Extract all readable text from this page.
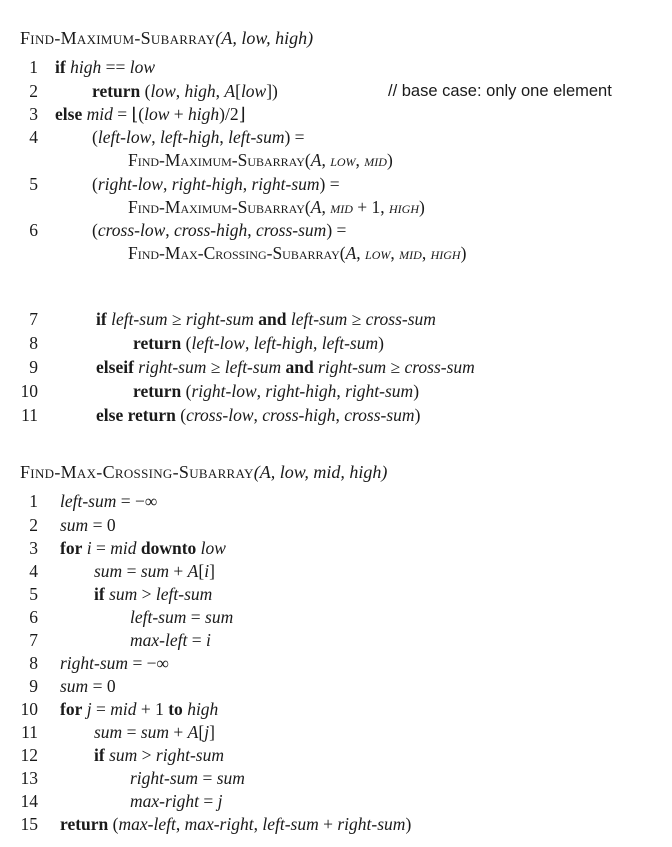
Find-Maximum-Subarray(A, low, high)
1
2
3
4
5
6
7
8
9
10
11
if high == low
return (low, high, A[low])	// base case: only one element
else mid = ⌊(low + high)/2⌋
(left-low, left-high, left-sum) =
Find-Maximum-Subarray(A, low, mid)
(right-low, right-high, right-sum) =
Find-Maximum-Subarray(A, mid + 1, high)
(cross-low, cross-high, cross-sum) =
Find-Max-Crossing-Subarray(A, low, mid, high)
if left-sum ≥ right-sum and left-sum ≥ cross-sum
return (left-low, left-high, left-sum)
elseif right-sum ≥ left-sum and right-sum ≥ cross-sum
return (right-low, right-high, right-sum)
else return (cross-low, cross-high, cross-sum)
Find-Max-Crossing-Subarray(A, low, mid, high)
1
2
3
4
5
6
7
8
9
10
11
12
13
14
15
left-sum = −∞
sum = 0
for i = mid downto low
sum = sum + A[i]
if sum > left-sum
left-sum = sum
max-left = i
right-sum = −∞
sum = 0
for j = mid + 1 to high
sum = sum + A[j]
if sum > right-sum
right-sum = sum
max-right = j
return (max-left, max-right, left-sum + right-sum)
